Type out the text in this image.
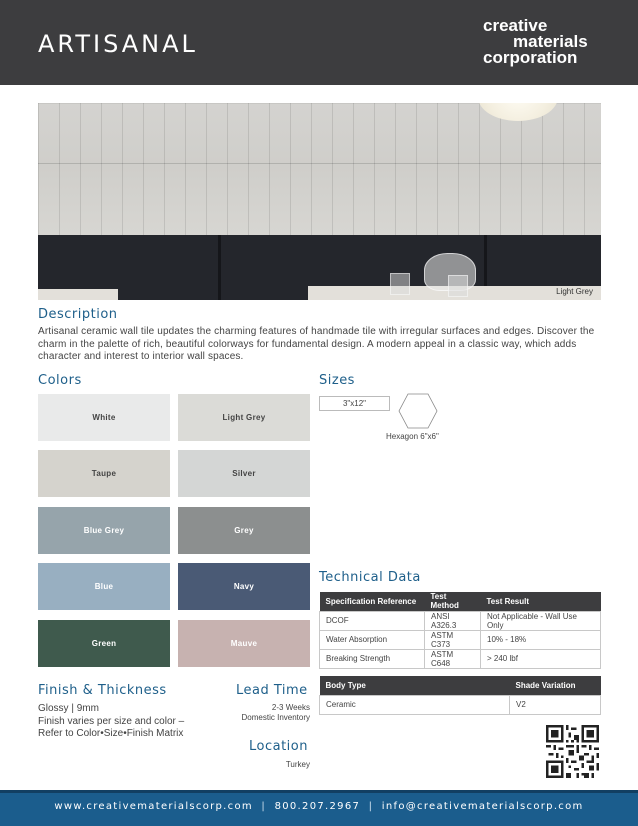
ARTISANAL
creative
materials
corporation
Light Grey
Description
Artisanal ceramic wall tile updates the charming features of handmade tile with irregular surfaces and edges. Discover the charm in the palette of rich, beautiful colorways for fundamental design. A modern appeal in a classic way, which adds character and interest to interior wall spaces.
Colors
White	Light Grey
Taupe	Silver
Blue Grey	Grey
Blue	Navy
Green	Mauve
Sizes
3"x12"
Hexagon 6"x6"
Technical Data
Specification Reference	Test Method	Test Result
DCOF	ANSI A326.3	Not Applicable - Wall Use Only
Water Absorption	ASTM C373	10% - 18%
Breaking Strength	ASTM C648	> 240 lbf
Body Type	Shade Variation
Ceramic	V2
Finish & Thickness
Glossy | 9mm
Finish varies per size and color –
Refer to Color•Size•Finish Matrix
Lead Time
2-3 Weeks
Domestic Inventory
Location
Turkey
www.creativematerialscorp.com | 800.207.2967 | info@creativematerialscorp.com
